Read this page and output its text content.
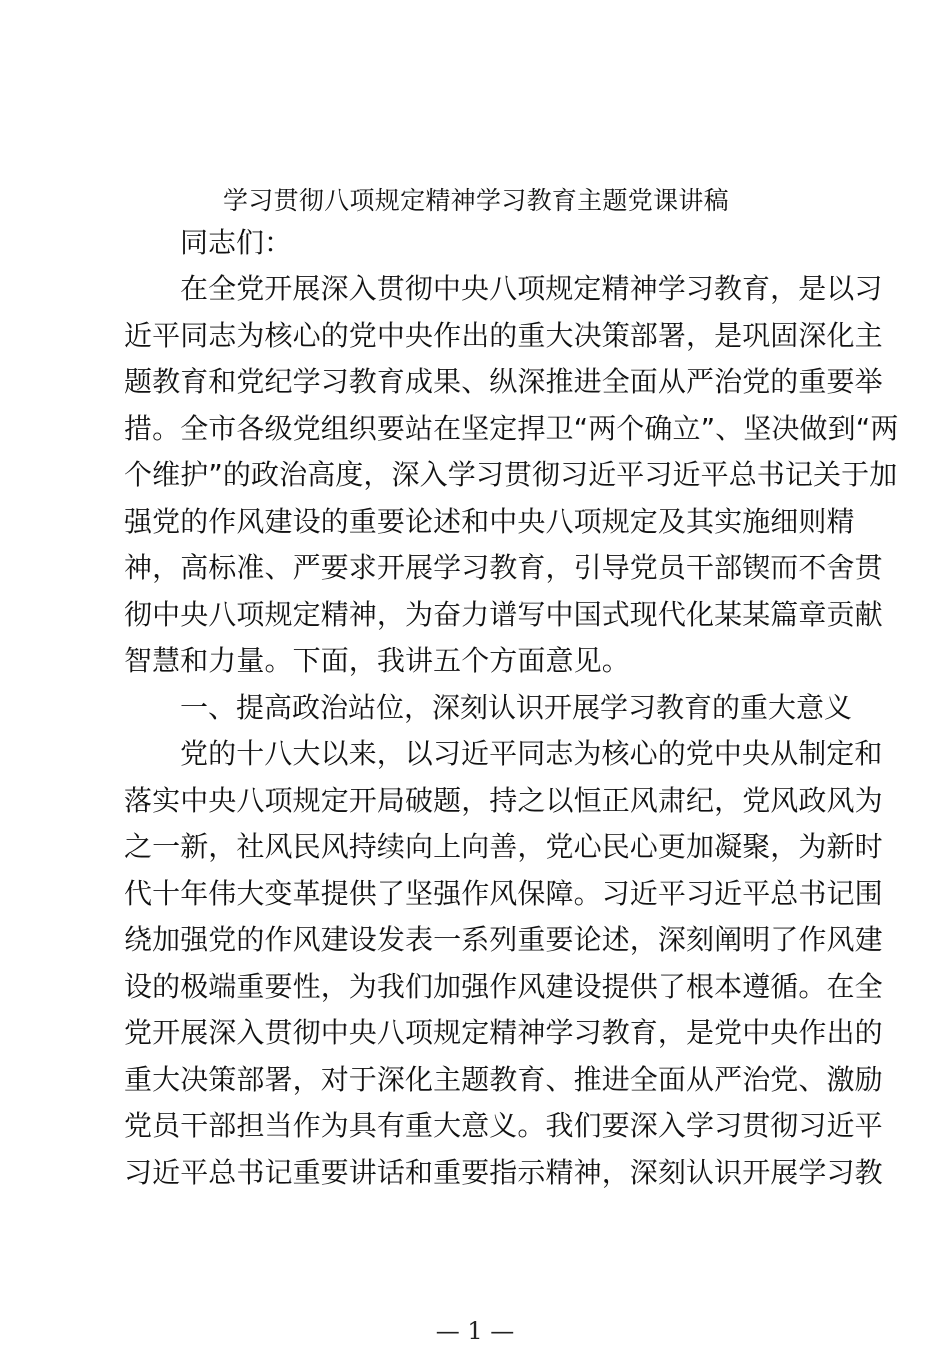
学习贯彻八项规定精神学习教育主题党课讲稿

同志们：

在全党开展深入贯彻中央八项规定精神学习教育，是以习
近平同志为核心的党中央作出的重大决策部署，是巩固深化主
题教育和党纪学习教育成果、纵深推进全面从严治党的重要举
措。全市各级党组织要站在坚定捍卫“两个确立”、坚决做到“两
个维护”的政治高度，深入学习贯彻习近平习近平总书记关于加
强党的作风建设的重要论述和中央八项规定及其实施细则精
神，高标准、严要求开展学习教育，引导党员干部锲而不舍贯
彻中央八项规定精神，为奋力谱写中国式现代化某某篇章贡献
智慧和力量。下面，我讲五个方面意见。

一、提高政治站位，深刻认识开展学习教育的重大意义

党的十八大以来，以习近平同志为核心的党中央从制定和
落实中央八项规定开局破题，持之以恒正风肃纪，党风政风为
之一新，社风民风持续向上向善，党心民心更加凝聚，为新时
代十年伟大变革提供了坚强作风保障。习近平习近平总书记围
绕加强党的作风建设发表一系列重要论述，深刻阐明了作风建
设的极端重要性，为我们加强作风建设提供了根本遵循。在全
党开展深入贯彻中央八项规定精神学习教育，是党中央作出的
重大决策部署，对于深化主题教育、推进全面从严治党、激励
党员干部担当作为具有重大意义。我们要深入学习贯彻习近平
习近平总书记重要讲话和重要指示精神，深刻认识开展学习教

— 1 —
